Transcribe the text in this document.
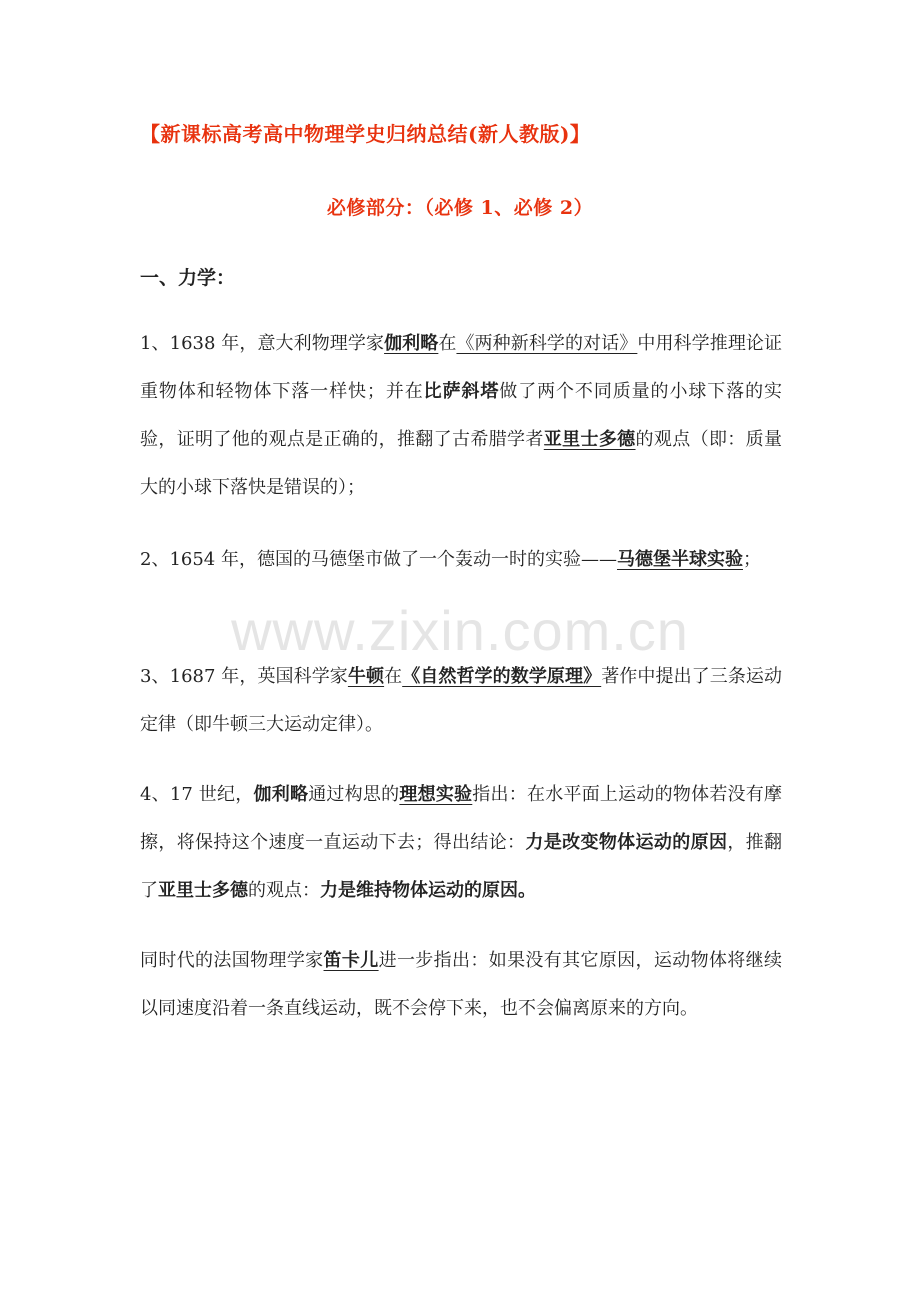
【新课标高考高中物理学史归纳总结(新人教版)】
必修部分：（必修 1、必修 2）
一、力学：
1、1638 年，意大利物理学家伽利略在《两种新科学的对话》中用科学推理论证重物体和轻物体下落一样快；并在比萨斜塔做了两个不同质量的小球下落的实验，证明了他的观点是正确的，推翻了古希腊学者亚里士多德的观点（即：质量大的小球下落快是错误的）；
2、1654 年，德国的马德堡市做了一个轰动一时的实验——马德堡半球实验；
3、1687 年，英国科学家牛顿在《自然哲学的数学原理》著作中提出了三条运动定律（即牛顿三大运动定律）。
4、17 世纪，伽利略通过构思的理想实验指出：在水平面上运动的物体若没有摩擦，将保持这个速度一直运动下去；得出结论：力是改变物体运动的原因，推翻了亚里士多德的观点：力是维持物体运动的原因。
同时代的法国物理学家笛卡儿进一步指出：如果没有其它原因，运动物体将继续以同速度沿着一条直线运动，既不会停下来，也不会偏离原来的方向。
www.zixin.com.cn
